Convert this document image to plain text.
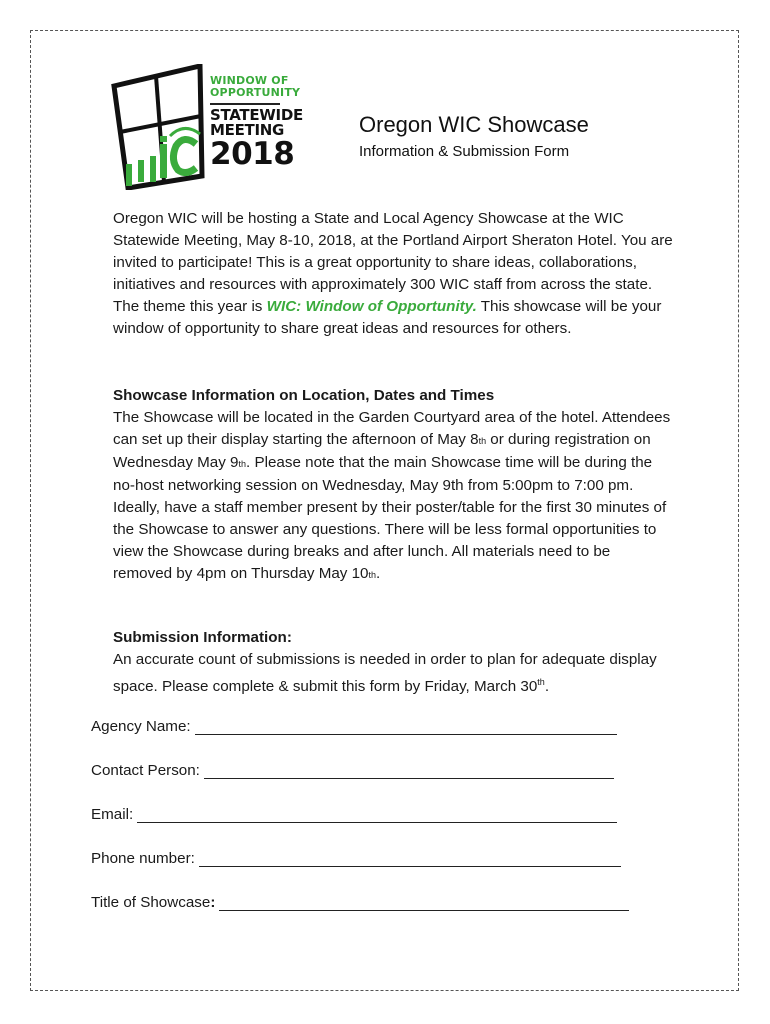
WINDOW OF
OPPORTUNITY
STATEWIDE
MEETING
2018
Oregon WIC Showcase
Information & Submission Form

Oregon WIC will be hosting a State and Local Agency Showcase at the WIC Statewide Meeting, May 8-10, 2018, at the Portland Airport Sheraton Hotel. You are invited to participate! This is a great opportunity to share ideas, collaborations, initiatives and resources with approximately 300 WIC staff from across the state. The theme this year is WIC: Window of Opportunity. This showcase will be your window of opportunity to share great ideas and resources for others.

Showcase Information on Location, Dates and Times

The Showcase will be located in the Garden Courtyard area of the hotel. Attendees can set up their display starting the afternoon of May 8th or during registration on Wednesday May 9th. Please note that the main Showcase time will be during the no-host networking session on Wednesday, May 9th from 5:00pm to 7:00 pm. Ideally, have a staff member present by their poster/table for the first 30 minutes of the Showcase to answer any questions. There will be less formal opportunities to view the Showcase during breaks and after lunch. All materials need to be removed by 4pm on Thursday May 10th.

Submission Information:

An accurate count of submissions is needed in order to plan for adequate display space. Please complete & submit this form by Friday, March 30th.

Agency Name:
Contact Person:
Email:
Phone number:
Title of Showcase :
